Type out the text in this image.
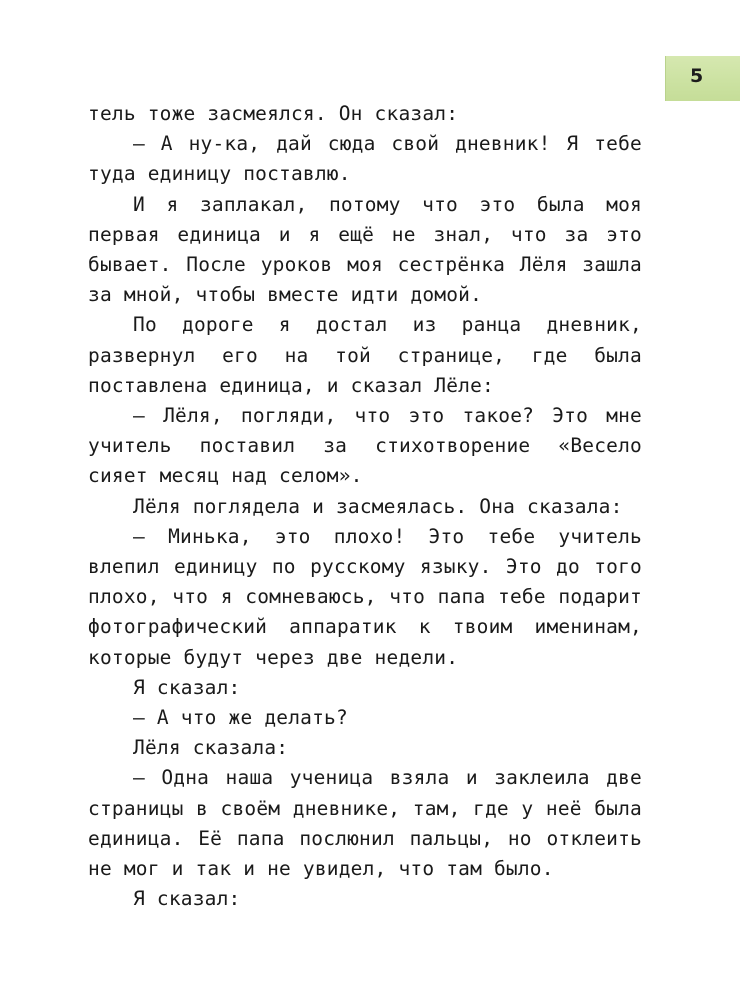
5

тель тоже засмеялся. Он сказал:

— А ну-ка, дай сюда свой дневник! Я тебе туда единицу поставлю.

И я заплакал, потому что это была моя первая единица и я ещё не знал, что за это бывает. После уроков моя сестрёнка Лёля зашла за мной, чтобы вместе идти домой.

По дороге я достал из ранца дневник, развернул его на той странице, где была поставлена единица, и сказал Лёле:

— Лёля, погляди, что это такое? Это мне учитель поставил за стихотворение «Весело сияет месяц над селом».

Лёля поглядела и засмеялась. Она сказала:

— Минька, это плохо! Это тебе учитель влепил единицу по русскому языку. Это до того плохо, что я сомневаюсь, что папа тебе подарит фотографический аппаратик к твоим именинам, которые будут через две недели.

Я сказал:

— А что же делать?

Лёля сказала:

— Одна наша ученица взяла и заклеила две страницы в своём дневнике, там, где у неё была единица. Её папа послюнил пальцы, но отклеить не мог и так и не увидел, что там было.

Я сказал:
